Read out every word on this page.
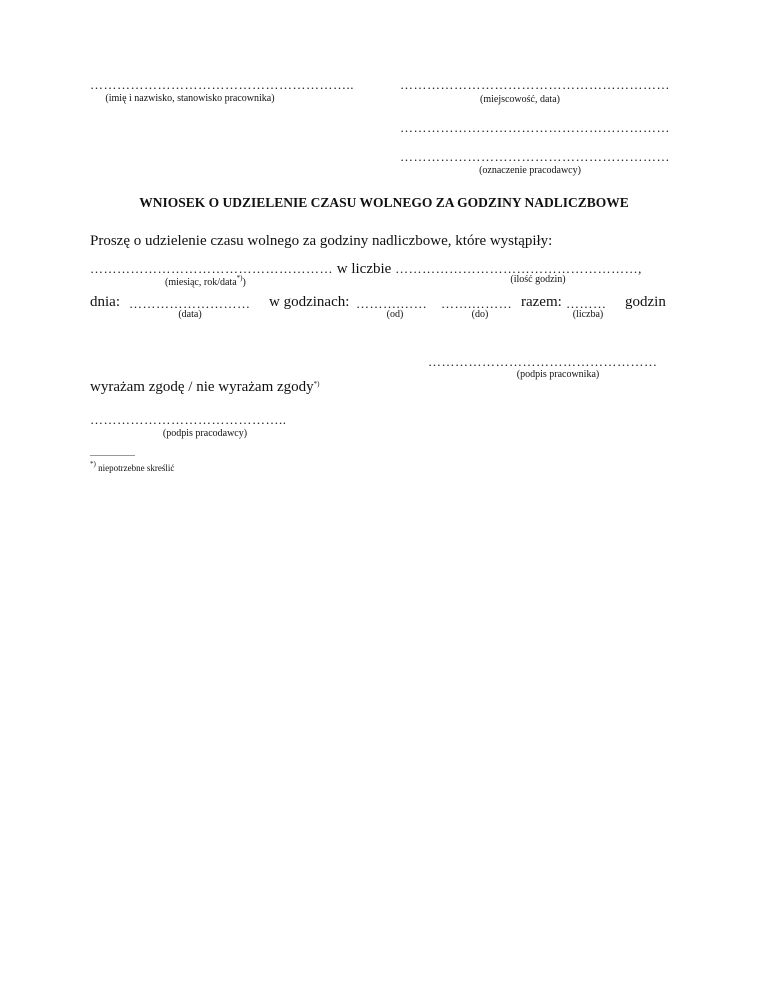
…………………………………………………..
(imię i nazwisko, stanowisko pracownika)
……………………………………………………
(miejscowość, data)
……………………………………………………
……………………………………………………
(oznaczenie pracodawcy)
WNIOSEK O UDZIELENIE CZASU WOLNEGO ZA GODZINY NADLICZBOWE
Proszę o udzielenie czasu wolnego za godziny nadliczbowe, które wystąpiły:
……………………………………………… w liczbie ………………………………………………,
(miesiąc, rok/data*))	(ilość godzin)
dnia: ……………………… w godzinach: ……….…… …….……… razem: ……… godzin
(data)	(od)	(do)	(liczba)
……………………………………………
(podpis pracownika)
wyrażam zgodę / nie wyrażam zgody*)
……………………………………..
(podpis pracodawcy)
*) niepotrzebne skreślić
